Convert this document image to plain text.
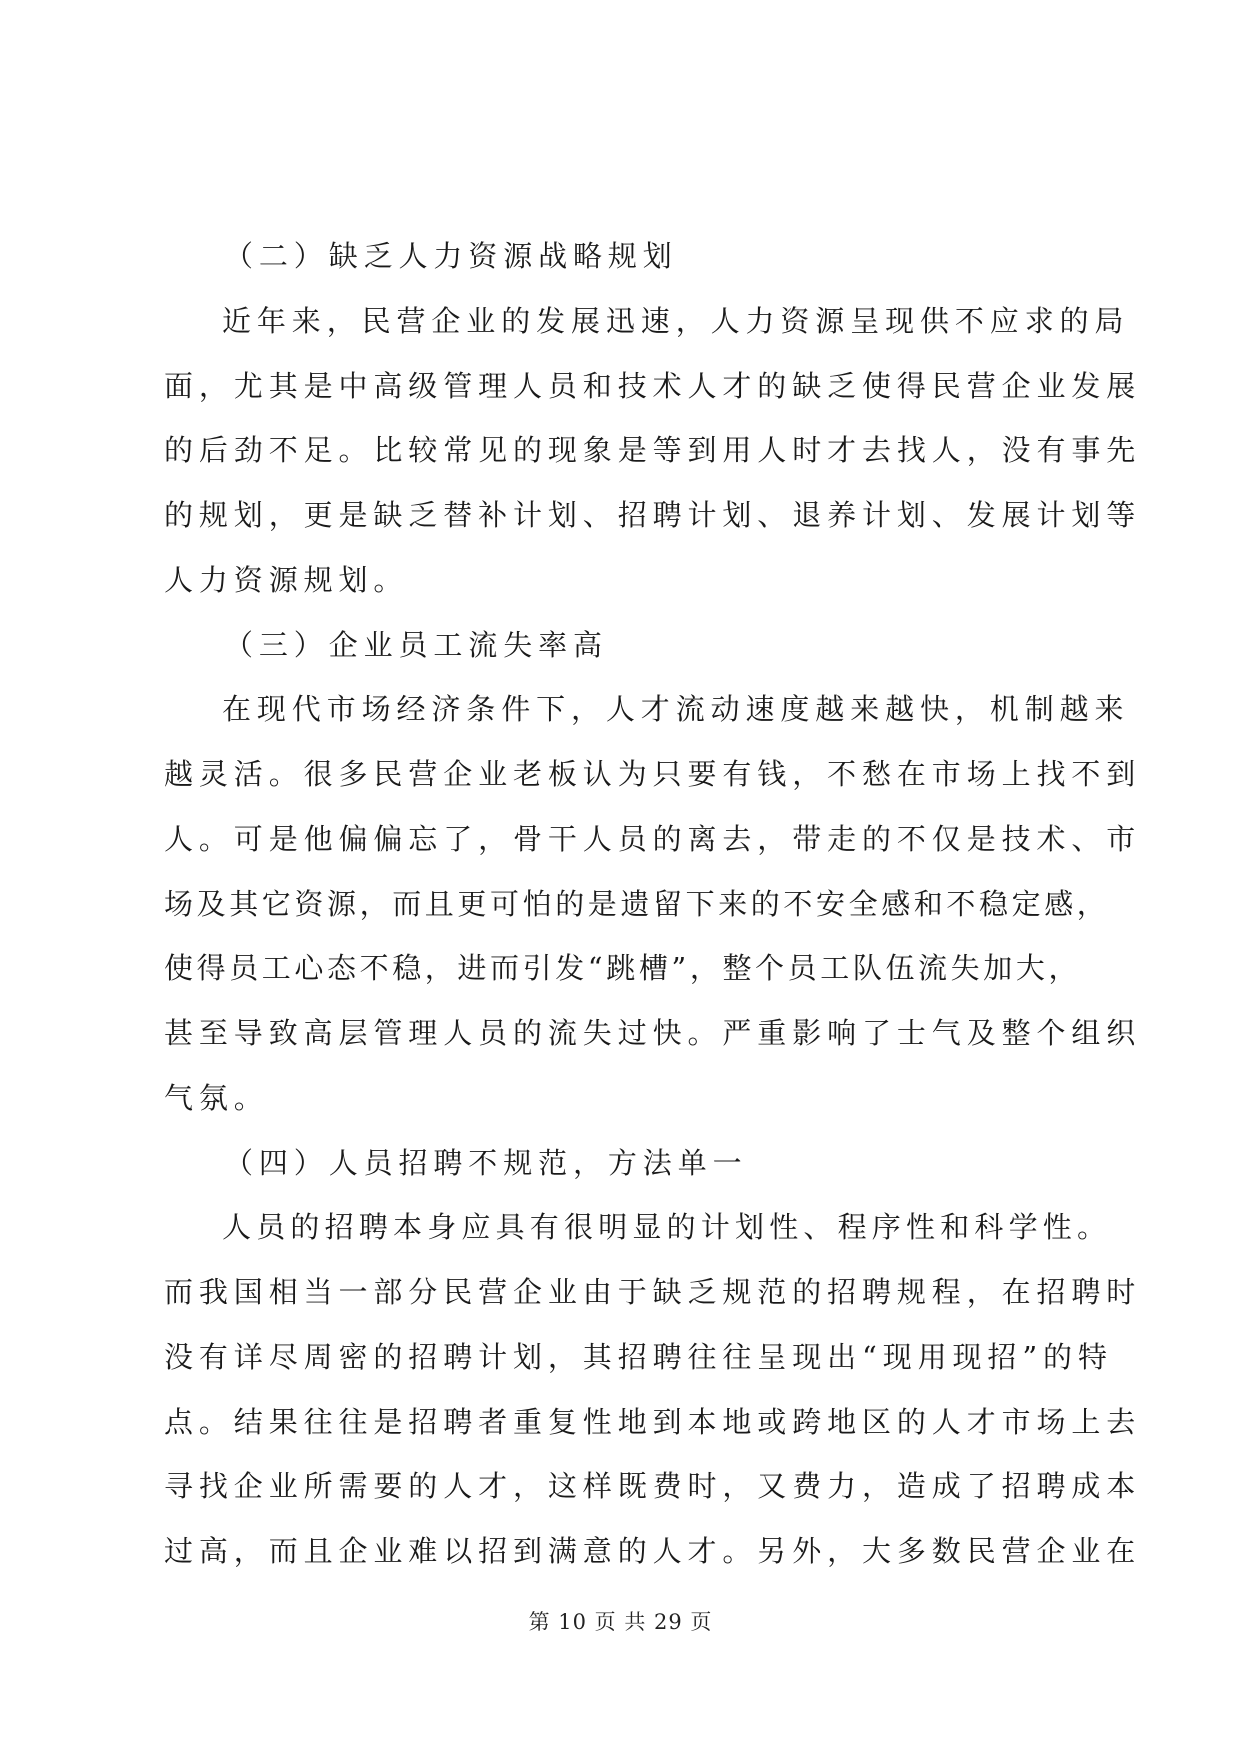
（二）缺乏人力资源战略规划
近年来，民营企业的发展迅速，人力资源呈现供不应求的局
面，尤其是中高级管理人员和技术人才的缺乏使得民营企业发展
的后劲不足。比较常见的现象是等到用人时才去找人，没有事先
的规划，更是缺乏替补计划、招聘计划、退养计划、发展计划等
人力资源规划。
（三）企业员工流失率高
在现代市场经济条件下，人才流动速度越来越快，机制越来
越灵活。很多民营企业老板认为只要有钱，不愁在市场上找不到
人。可是他偏偏忘了，骨干人员的离去，带走的不仅是技术、市
场及其它资源，而且更可怕的是遗留下来的不安全感和不稳定感，
使得员工心态不稳，进而引发“跳槽”，整个员工队伍流失加大，
甚至导致高层管理人员的流失过快。严重影响了士气及整个组织
气氛。
（四）人员招聘不规范，方法单一
人员的招聘本身应具有很明显的计划性、程序性和科学性。
而我国相当一部分民营企业由于缺乏规范的招聘规程，在招聘时
没有详尽周密的招聘计划，其招聘往往呈现出“现用现招”的特
点。结果往往是招聘者重复性地到本地或跨地区的人才市场上去
寻找企业所需要的人才，这样既费时，又费力，造成了招聘成本
过高，而且企业难以招到满意的人才。另外，大多数民营企业在
第 10 页 共 29 页
